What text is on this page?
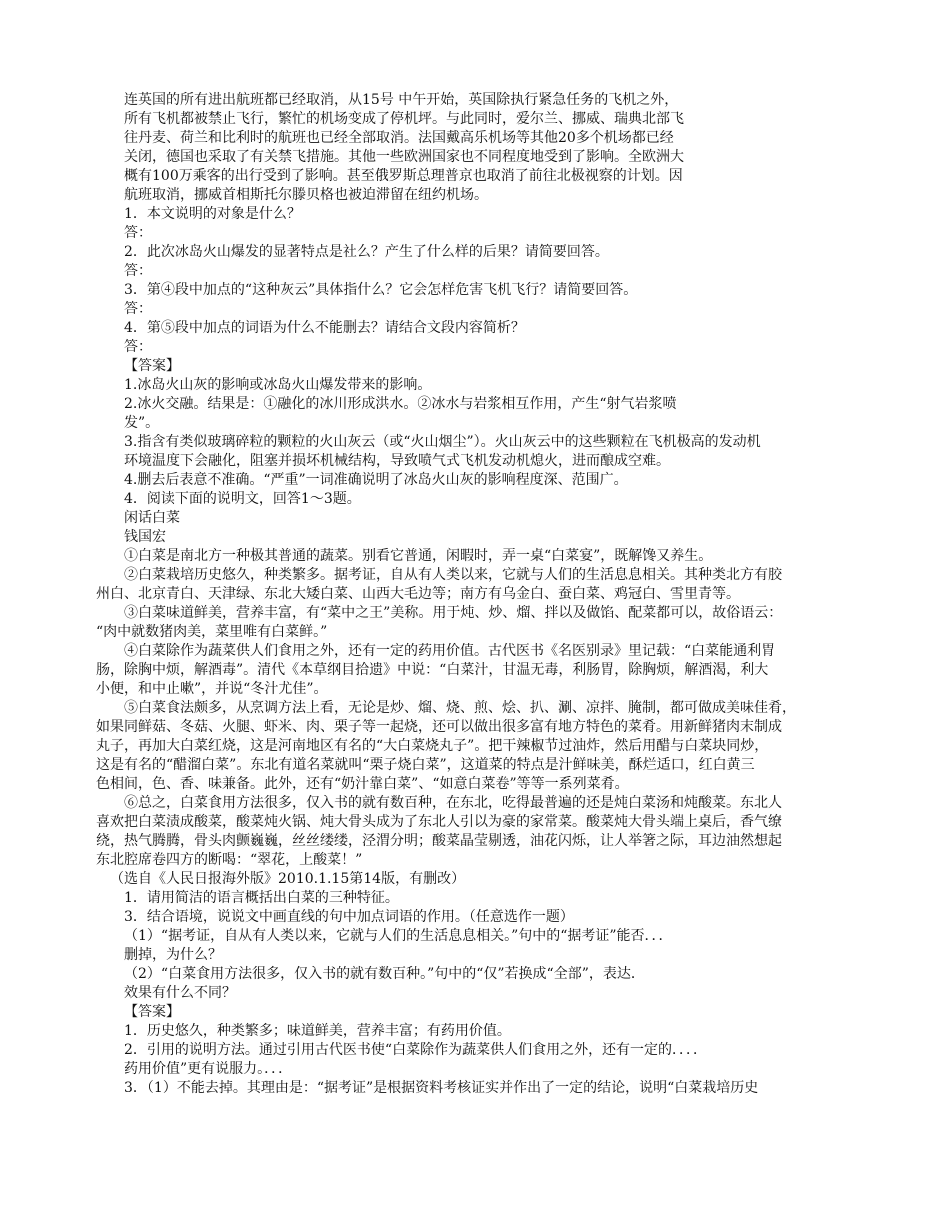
连英国的所有进出航班都已经取消，从15号 中午开始，英国除执行紧急任务的飞机之外，
所有飞机都被禁止飞行，繁忙的机场变成了停机坪。与此同时，爱尔兰、挪威、瑞典北部飞
往丹麦、荷兰和比利时的航班也已经全部取消。法国戴高乐机场等其他20多个机场都已经
关闭，德国也采取了有关禁飞措施。其他一些欧洲国家也不同程度地受到了影响。全欧洲大
概有100万乘客的出行受到了影响。甚至俄罗斯总理普京也取消了前往北极视察的计划。因
航班取消，挪威首相斯托尔滕贝格也被迫滞留在纽约机场。
1．本文说明的对象是什么？
答：
2．此次冰岛火山爆发的显著特点是社么？产生了什么样的后果？请简要回答。
答：
3．第④段中加点的“这种灰云”具体指什么？它会怎样危害飞机飞行？请简要回答。
答：
4．第⑤段中加点的词语为什么不能删去？请结合文段内容简析？
答：
【答案】
1.冰岛火山灰的影响或冰岛火山爆发带来的影响。
2.冰火交融。结果是：①融化的冰川形成洪水。②冰水与岩浆相互作用，产生“射气岩浆喷
发”。
3.指含有类似玻璃碎粒的颗粒的火山灰云（或“火山烟尘”）。火山灰云中的这些颗粒在飞机极高的发动机
环境温度下会融化，阻塞并损坏机械结构，导致喷气式飞机发动机熄火，进而酿成空难。
4.删去后表意不准确。“严重”一词准确说明了冰岛火山灰的影响程度深、范围广。
4．阅读下面的说明文，回答1～3题。
闲话白菜
钱国宏
①白菜是南北方一种极其普通的蔬菜。别看它普通，闲暇时，弄一桌“白菜宴”，既解馋又养生。
②白菜栽培历史悠久，种类繁多。据考证，自从有人类以来，它就与人们的生活息息相关。其种类北方有胶
州白、北京青白、天津绿、东北大矮白菜、山西大毛边等；南方有乌金白、蚕白菜、鸡冠白、雪里青等。
③白菜味道鲜美，营养丰富，有“菜中之王”美称。用于炖、炒、熘、拌以及做馅、配菜都可以，故俗语云：
“肉中就数猪肉美，菜里唯有白菜鲜。”
④白菜除作为蔬菜供人们食用之外，还有一定的药用价值。古代医书《名医别录》里记载：“白菜能通利胃
肠，除胸中烦，解酒毒”。清代《本草纲目拾遗》中说：“白菜汁，甘温无毒，利肠胃，除胸烦，解酒渴，利大
小便，和中止嗽”，并说“冬汁尤佳”。
⑤白菜食法颇多，从烹调方法上看，无论是炒、熘、烧、煎、烩、扒、涮、凉拌、腌制，都可做成美味佳肴，
如果同鲜菇、冬菇、火腿、虾米、肉、栗子等一起烧，还可以做出很多富有地方特色的菜肴。用新鲜猪肉末制成
丸子，再加大白菜红烧，这是河南地区有名的“大白菜烧丸子”。把干辣椒节过油炸，然后用醋与白菜块同炒，
这是有名的“醋溜白菜”。东北有道名菜就叫“栗子烧白菜”，这道菜的特点是汁鲜味美，酥烂适口，红白黄三
色相间，色、香、味兼备。此外，还有“奶汁靠白菜”、“如意白菜卷”等等一系列菜肴。
⑥总之，白菜食用方法很多，仅入书的就有数百种，在东北，吃得最普遍的还是炖白菜汤和炖酸菜。东北人
喜欢把白菜渍成酸菜，酸菜炖火锅、炖大骨头成为了东北人引以为豪的家常菜。酸菜炖大骨头端上桌后，香气缭
绕，热气腾腾，骨头肉颤巍巍，丝丝缕缕，泾渭分明；酸菜晶莹剔透，油花闪烁，让人举箸之际，耳边油然想起
东北腔席卷四方的断喝：“翠花，上酸菜！”
（选自《人民日报海外版》2010.1.15第14版，有删改）
1．请用简洁的语言概括出白菜的三种特征。
3．结合语境，说说文中画直线的句中加点词语的作用。（任意选作一题）
（1）“据考证，自从有人类以来，它就与人们的生活息息相关。”句中的“据考证”能否．．．
删掉，为什么？
（2）“白菜食用方法很多，仅入书的就有数百种。”句中的“仅”若换成“全部”，表达．
效果有什么不同？
【答案】
1．历史悠久，种类繁多；味道鲜美，营养丰富；有药用价值。
2．引用的说明方法。通过引用古代医书使“白菜除作为蔬菜供人们食用之外，还有一定的．．．．
药用价值”更有说服力。．．．
3．（1）不能去掉。其理由是：“据考证”是根据资料考核证实并作出了一定的结论，说明“白菜栽培历史
